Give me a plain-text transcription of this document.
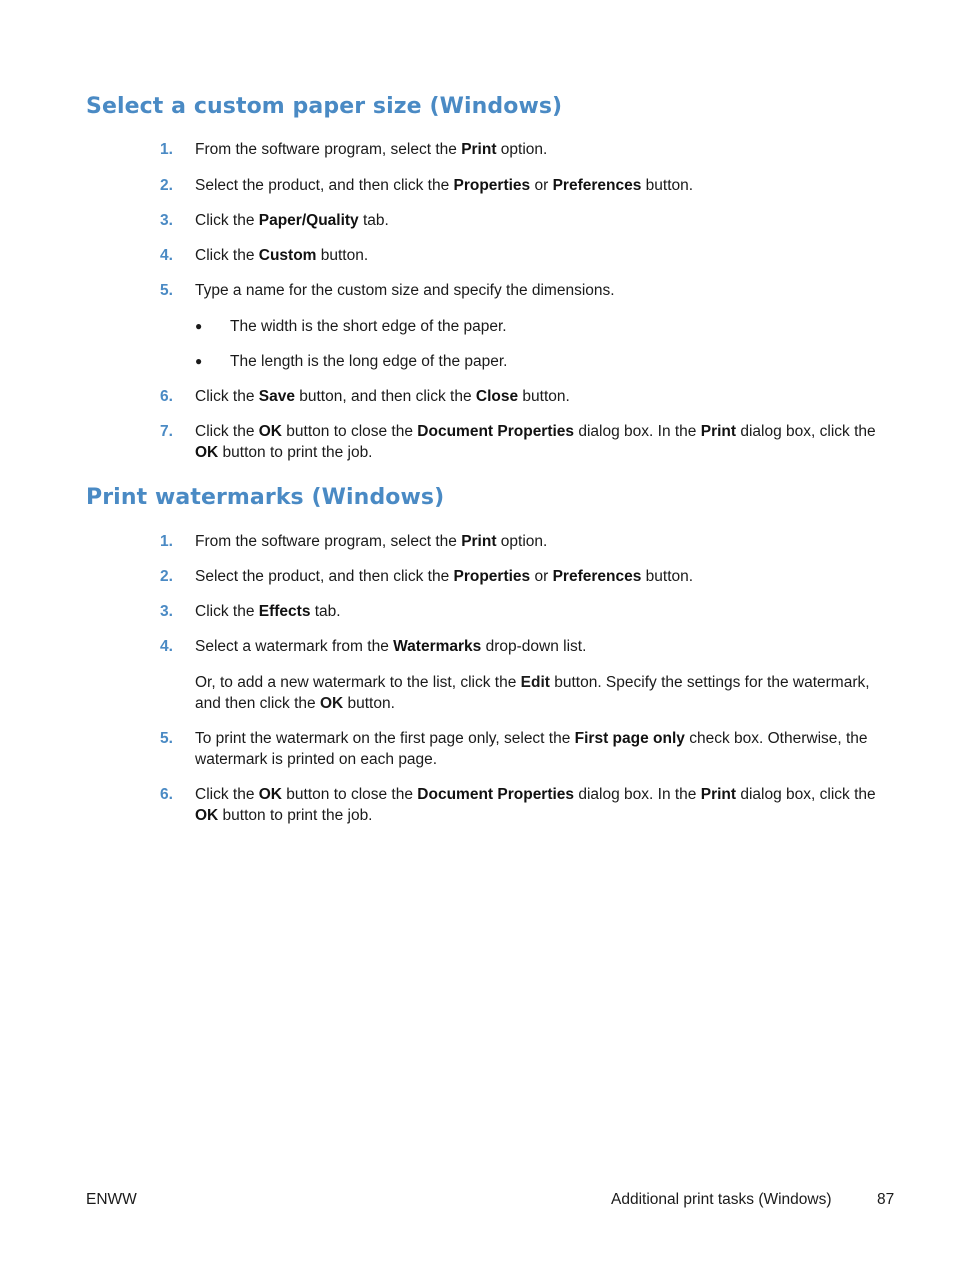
Select a custom paper size (Windows)
1.	From the software program, select the Print option.
2.	Select the product, and then click the Properties or Preferences button.
3.	Click the Paper/Quality tab.
4.	Click the Custom button.
5.	Type a name for the custom size and specify the dimensions.
● The width is the short edge of the paper.
● The length is the long edge of the paper.
6.	Click the Save button, and then click the Close button.
7.	Click the OK button to close the Document Properties dialog box. In the Print dialog box, click the OK button to print the job.
Print watermarks (Windows)
1.	From the software program, select the Print option.
2.	Select the product, and then click the Properties or Preferences button.
3.	Click the Effects tab.
4.	Select a watermark from the Watermarks drop-down list.
Or, to add a new watermark to the list, click the Edit button. Specify the settings for the watermark, and then click the OK button.
5.	To print the watermark on the first page only, select the First page only check box. Otherwise, the watermark is printed on each page.
6.	Click the OK button to close the Document Properties dialog box. In the Print dialog box, click the OK button to print the job.
ENWW	Additional print tasks (Windows)	87
